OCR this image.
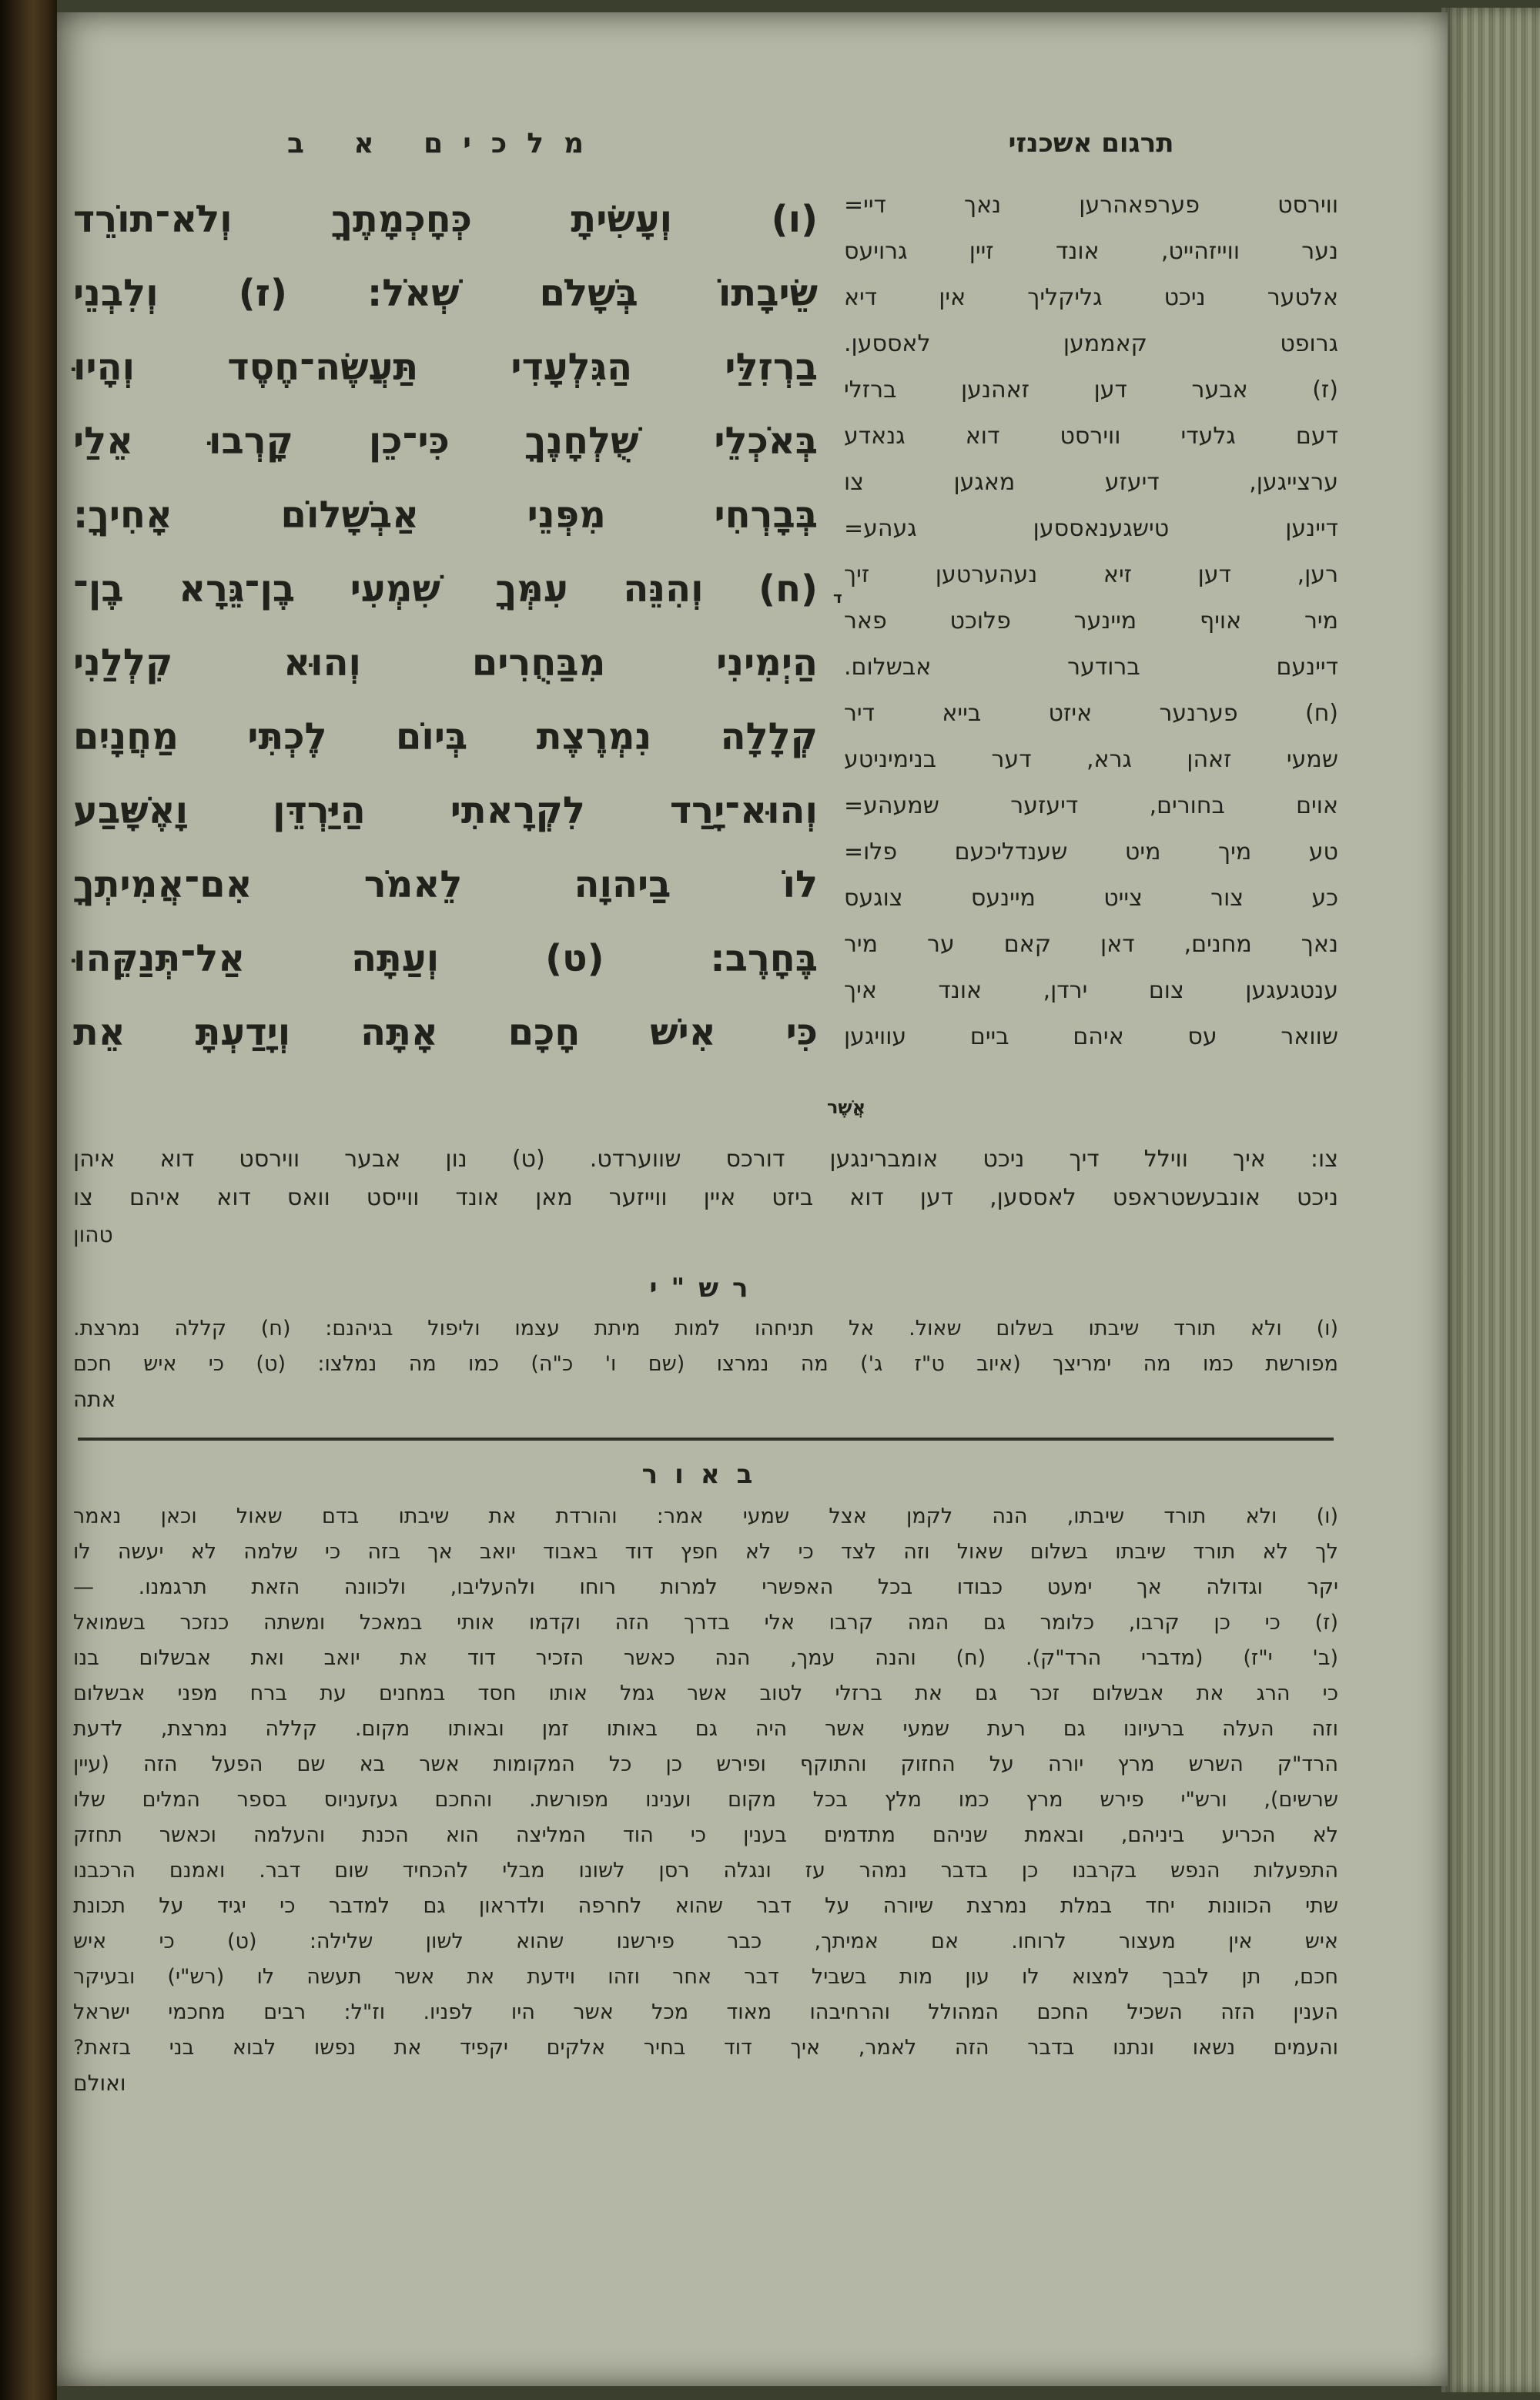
תרגום אשכנזי
מלכים א ב
ווירסט פערפאהרען נאך דיי=
נער ווייזהייט, אונד זיין גרויעס
אלטער ניכט גליקליך אין דיא
גרופט קאממען לאססען.
(ז) אבער דען זאהנען ברזלי
דעם גלעדי ווירסט דוא גנאדע
ערצייגען, דיעזע מאגען צו
דיינען טישגענאססען געהע=
רען, דען זיא נעהערטען זיך
מיר אויף מיינער פלוכט פאר
דיינעם ברודער אבשלום.
(ח) פערנער איזט בייא דיר
שמעי זאהן גרא, דער בנימיניטע
אוים בחורים, דיעזער שמעהע=
טע מיך מיט שענדליכעם פלו=
כע צור צייט מיינעס צוגעס
נאך מחנים, דאן קאם ער מיר
ענטגעגען צום ירדן, אונד איך
שוואר עס איהם ביים עוויגען
(ו) וְעָשִׂיתָ כְּחָכְמָתֶךָ וְלֹא־תוֹרֵד
שֵׂיבָתוֹ בְּשָׁלֹם שְׁאֹל: (ז) וְלִבְנֵי
בַרְזִלַּי הַגִּלְעָדִי תַּעֲשֶׂה־חֶסֶד וְהָיוּ
בְּאֹכְלֵי שֻׁלְחָנֶךָ כִּי־כֵן קָרְבוּ אֵלַי
בְּבָרְחִי מִפְּנֵי אַבְשָׁלוֹם אָחִיךָ:
(ח) וְהִנֵּה עִמְּךָ שִׁמְעִי בֶן־גֵּרָא בֶן־
הַיְמִינִי מִבַּחֻרִים וְהוּא קִלְלַנִי
קְלָלָה נִמְרֶצֶת בְּיוֹם לֶכְתִּי מַחֲנָיִם
וְהוּא־יָרַד לִקְרָאתִי הַיַּרְדֵּן וָאֶשָּׁבַע
לוֹ בַיהוָה לֵאמֹר אִם־אֲמִיתְךָ
בֶּחָרֶב: (ט) וְעַתָּה אַל־תְּנַקֵּהוּ
כִּי אִישׁ חָכָם אָתָּה וְיָדַעְתָּ אֵת
ד
אֲשֶׁר
צו: איך ווילל דיך ניכט אומברינגען דורכס שווערדט. (ט) נון אבער ווירסט דוא איהן
ניכט אונבעשטראפט לאססען, דען דוא ביזט איין ווייזער מאן אונד ווייסט וואס דוא איהם צו
טהון
רש"י
(ו) ולא תורד שיבתו בשלום שאול. אל תניחהו למות מיתת עצמו וליפול בגיהנם: (ח) קללה נמרצת.
מפורשת כמו מה ימריצך (איוב ט"ז ג') מה נמרצו (שם ו' כ"ה) כמו מה נמלצו: (ט) כי איש חכם
אתה
באור
(ו) ולא תורד שיבתו, הנה לקמן אצל שמעי אמר: והורדת את שיבתו בדם שאול וכאן נאמר
לך לא תורד שיבתו בשלום שאול וזה לצד כי לא חפץ דוד באבוד יואב אך בזה כי שלמה לא יעשה לו
יקר וגדולה אך ימעט כבודו בכל האפשרי למרות רוחו ולהעליבו, ולכוונה הזאת תרגמנו. —
(ז) כי כן קרבו, כלומר גם המה קרבו אלי בדרך הזה וקדמו אותי במאכל ומשתה כנזכר בשמואל
(ב' י"ז) (מדברי הרד"ק). (ח) והנה עמך, הנה כאשר הזכיר דוד את יואב ואת אבשלום בנו
כי הרג את אבשלום זכר גם את ברזלי לטוב אשר גמל אותו חסד במחנים עת ברח מפני אבשלום
וזה העלה ברעיונו גם רעת שמעי אשר היה גם באותו זמן ובאותו מקום. קללה נמרצת, לדעת
הרד"ק השרש מרץ יורה על החזוק והתוקף ופירש כן כל המקומות אשר בא שם הפעל הזה (עיין
שרשים), ורש"י פירש מרץ כמו מלץ בכל מקום וענינו מפורשת. והחכם געזעניוס בספר המלים שלו
לא הכריע ביניהם, ובאמת שניהם מתדמים בענין כי הוד המליצה הוא הכנת והעלמה וכאשר תחזק
התפעלות הנפש בקרבנו כן בדבר נמהר עז ונגלה רסן לשונו מבלי להכחיד שום דבר. ואמנם הרכבנו
שתי הכוונות יחד במלת נמרצת שיורה על דבר שהוא לחרפה ולדראון גם למדבר כי יגיד על תכונת
איש אין מעצור לרוחו. אם אמיתך, כבר פירשנו שהוא לשון שלילה: (ט) כי איש
חכם, תן לבבך למצוא לו עון מות בשביל דבר אחר וזהו וידעת את אשר תעשה לו (רש"י) ובעיקר
הענין הזה השכיל החכם המהולל והרחיבהו מאוד מכל אשר היו לפניו. וז"ל: רבים מחכמי ישראל
והעמים נשאו ונתנו בדבר הזה לאמר, איך דוד בחיר אלקים יקפיד את נפשו לבוא בני בזאת?
ואולם
